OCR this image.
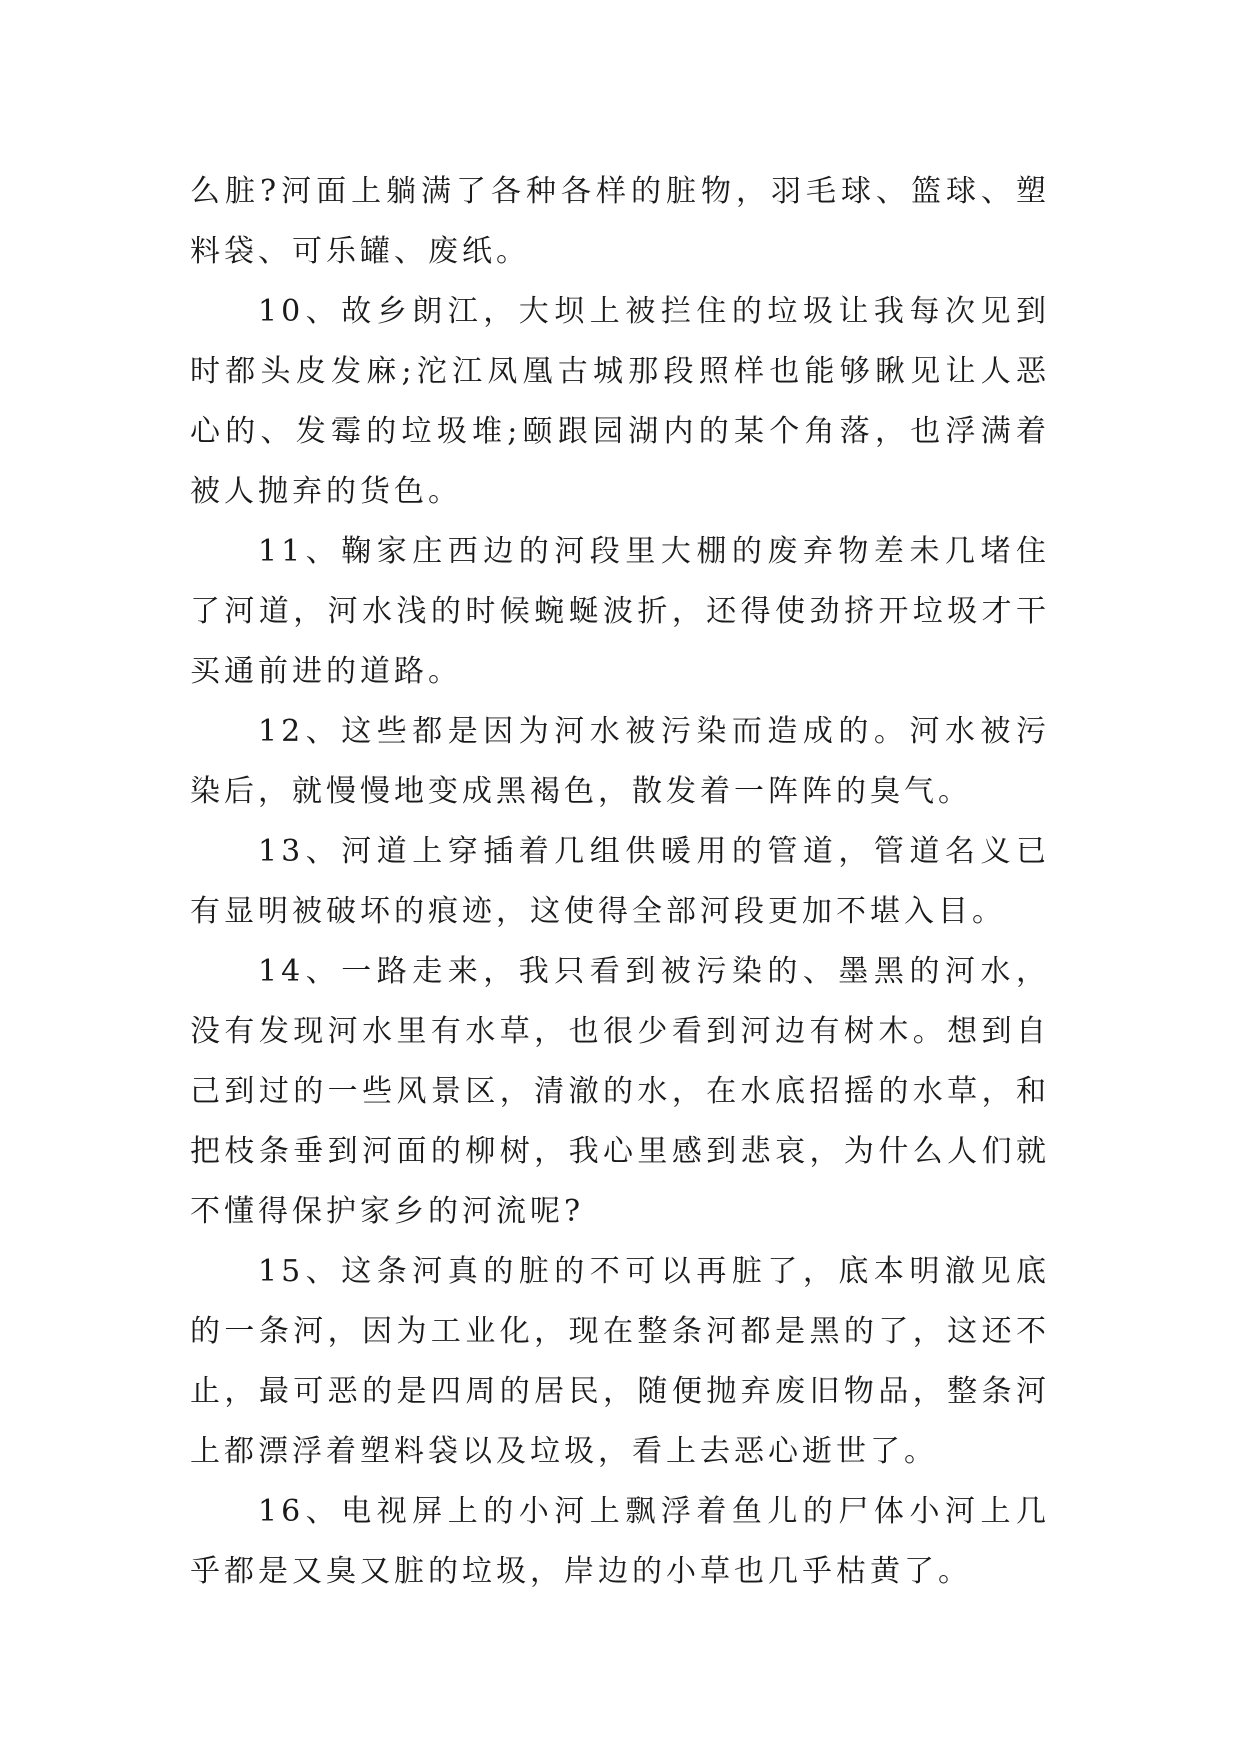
么脏?河面上躺满了各种各样的脏物，羽毛球、篮球、塑料袋、可乐罐、废纸。

10、故乡朗江，大坝上被拦住的垃圾让我每次见到时都头皮发麻;沱江凤凰古城那段照样也能够瞅见让人恶心的、发霉的垃圾堆;颐跟园湖内的某个角落，也浮满着被人抛弃的货色。

11、鞠家庄西边的河段里大棚的废弃物差未几堵住了河道，河水浅的时候蜿蜒波折，还得使劲挤开垃圾才干买通前进的道路。

12、这些都是因为河水被污染而造成的。河水被污染后，就慢慢地变成黑褐色，散发着一阵阵的臭气。

13、河道上穿插着几组供暖用的管道，管道名义已有显明被破坏的痕迹，这使得全部河段更加不堪入目。

14、一路走来，我只看到被污染的、墨黑的河水，没有发现河水里有水草，也很少看到河边有树木。想到自己到过的一些风景区，清澈的水，在水底招摇的水草，和把枝条垂到河面的柳树，我心里感到悲哀，为什么人们就不懂得保护家乡的河流呢?

15、这条河真的脏的不可以再脏了，底本明澈见底的一条河，因为工业化，现在整条河都是黑的了，这还不止，最可恶的是四周的居民，随便抛弃废旧物品，整条河上都漂浮着塑料袋以及垃圾，看上去恶心逝世了。

16、电视屏上的小河上飘浮着鱼儿的尸体小河上几乎都是又臭又脏的垃圾，岸边的小草也几乎枯黄了。
